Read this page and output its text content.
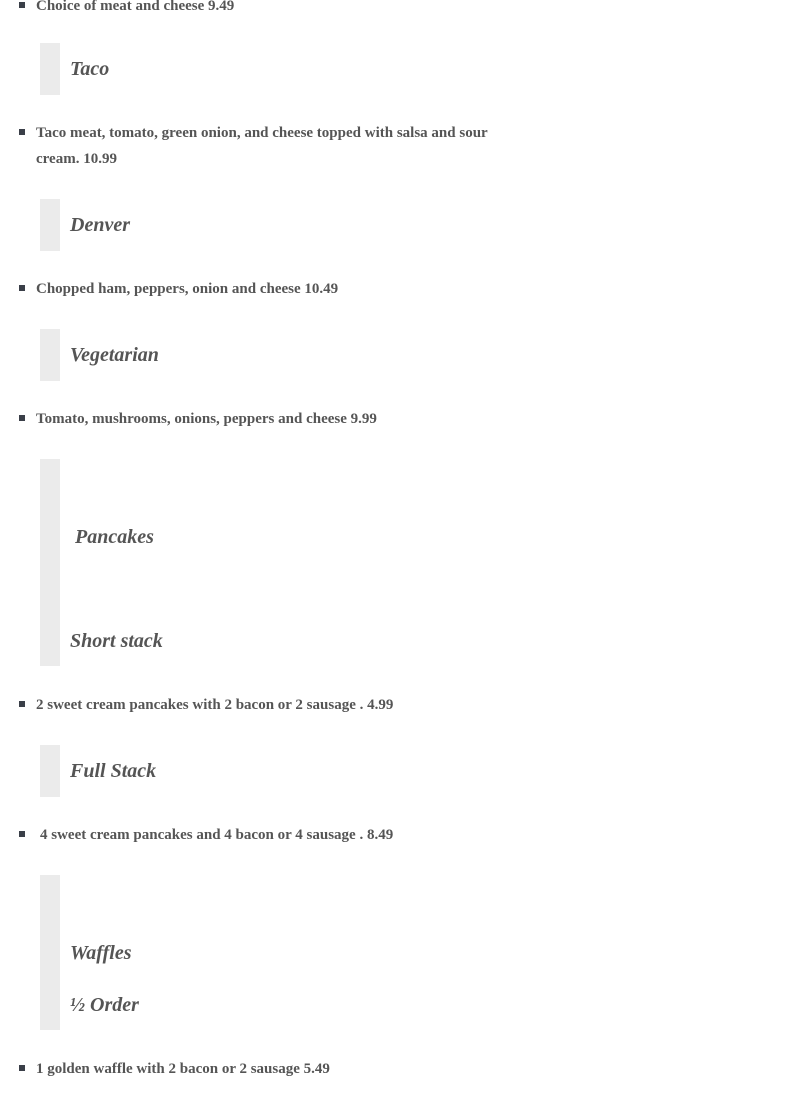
Choice of meat and cheese 9.49
Taco
Taco meat, tomato, green onion, and cheese topped with salsa and sour cream. 10.99
Denver
Chopped ham, peppers, onion and cheese 10.49
Vegetarian
Tomato, mushrooms, onions, peppers and cheese 9.99
Pancakes
Short stack
2 sweet cream pancakes with 2 bacon or 2 sausage . 4.99
Full Stack
4 sweet cream pancakes and 4 bacon or 4 sausage . 8.49
Waffles
½ Order
1 golden waffle with 2 bacon or 2 sausage 5.49
